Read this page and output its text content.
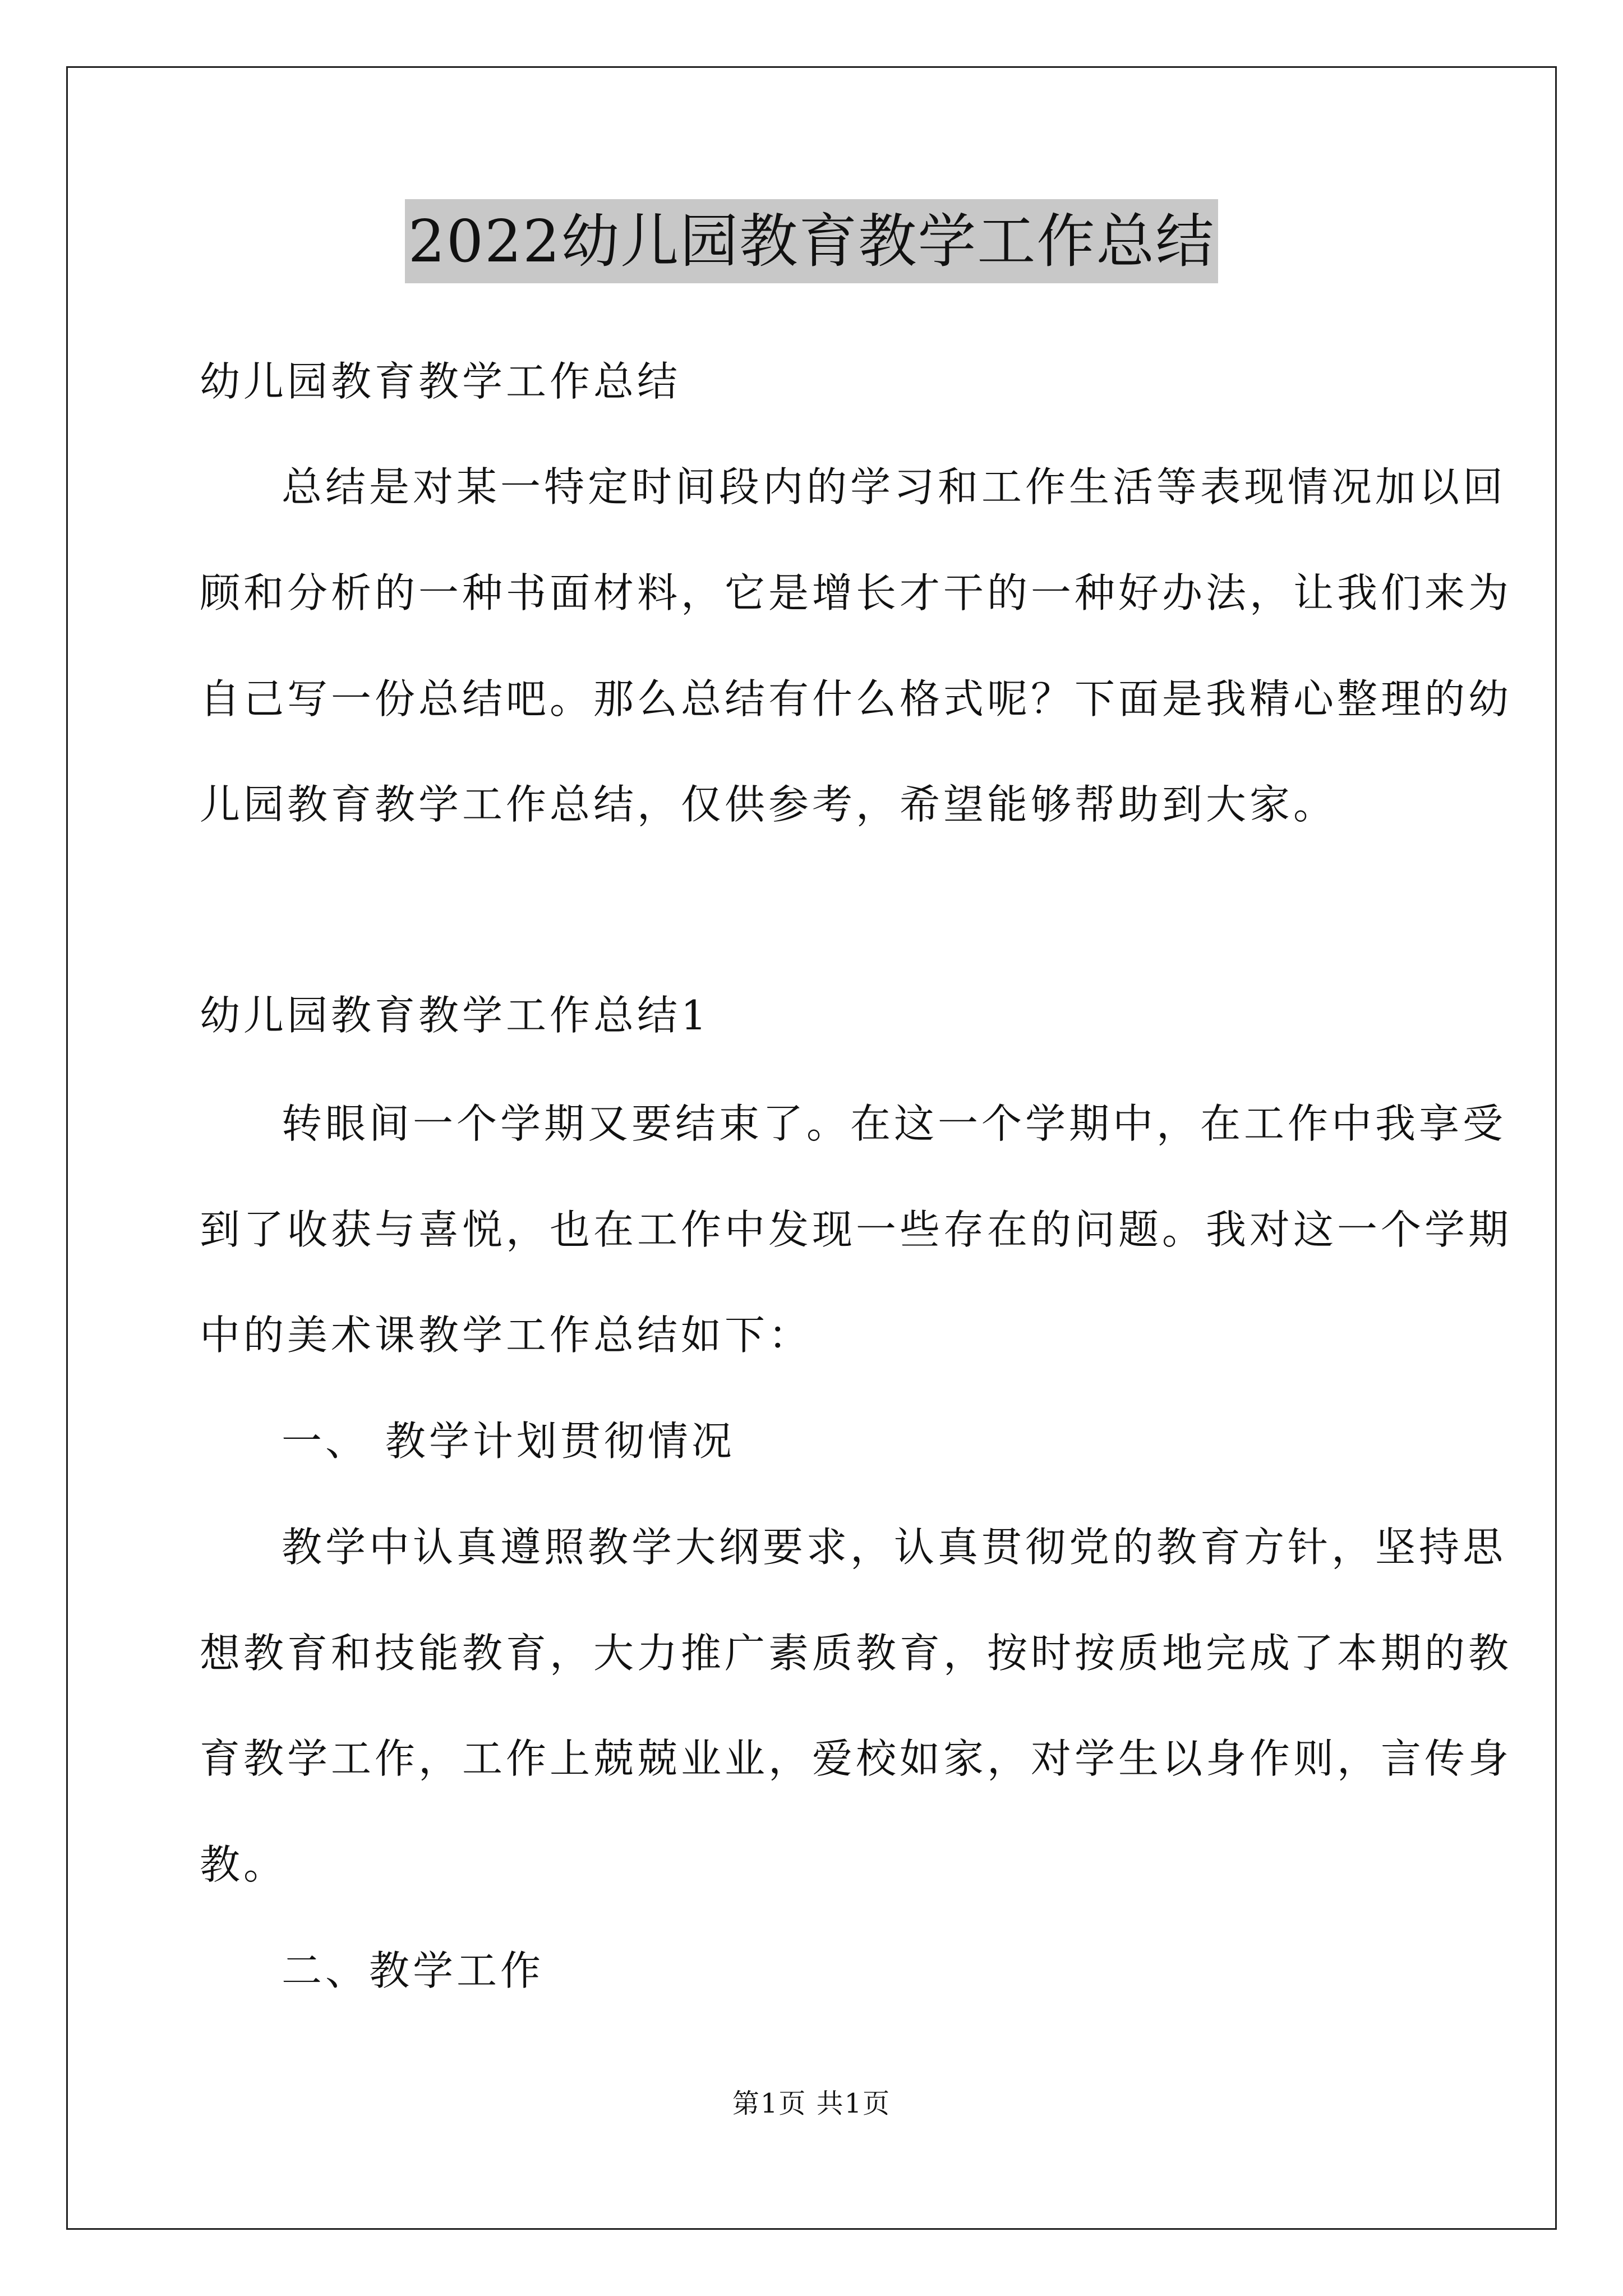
2022幼儿园教育教学工作总结
幼儿园教育教学工作总结
总结是对某一特定时间段内的学习和工作生活等表现情况加以回
顾和分析的一种书面材料，它是增长才干的一种好办法，让我们来为
自己写一份总结吧。那么总结有什么格式呢？下面是我精心整理的幼
儿园教育教学工作总结，仅供参考，希望能够帮助到大家。
幼儿园教育教学工作总结1
转眼间一个学期又要结束了。在这一个学期中，在工作中我享受
到了收获与喜悦，也在工作中发现一些存在的问题。我对这一个学期
中的美术课教学工作总结如下：
一、 教学计划贯彻情况
教学中认真遵照教学大纲要求，认真贯彻党的教育方针，坚持思
想教育和技能教育，大力推广素质教育，按时按质地完成了本期的教
育教学工作，工作上兢兢业业，爱校如家，对学生以身作则，言传身
教。
二、教学工作
第1页 共1页
